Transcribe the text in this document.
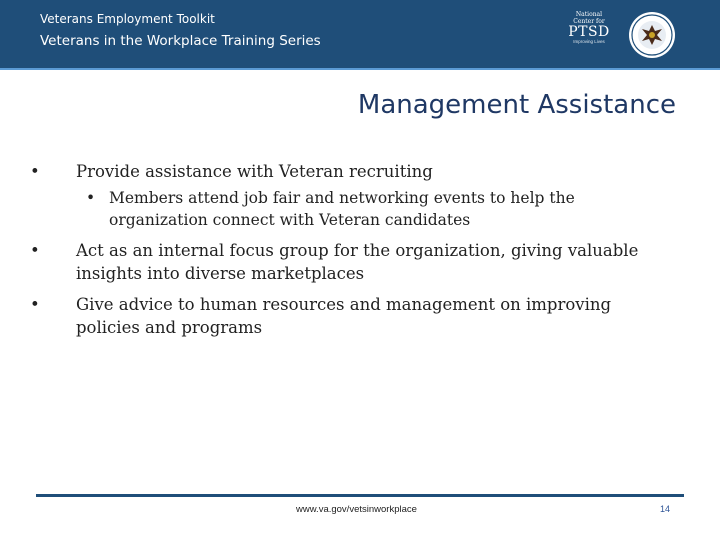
Veterans Employment Toolkit
Veterans in the Workplace Training Series
National
Center for
PTSD
Improving Lives
Management Assistance
• Provide assistance with Veteran recruiting
• Members attend job fair and networking events to help the organization connect with Veteran candidates
• Act as an internal focus group for the organization, giving valuable insights into diverse marketplaces
• Give advice to human resources and management on improving policies and programs
www.va.gov/vetsinworkplace	14
